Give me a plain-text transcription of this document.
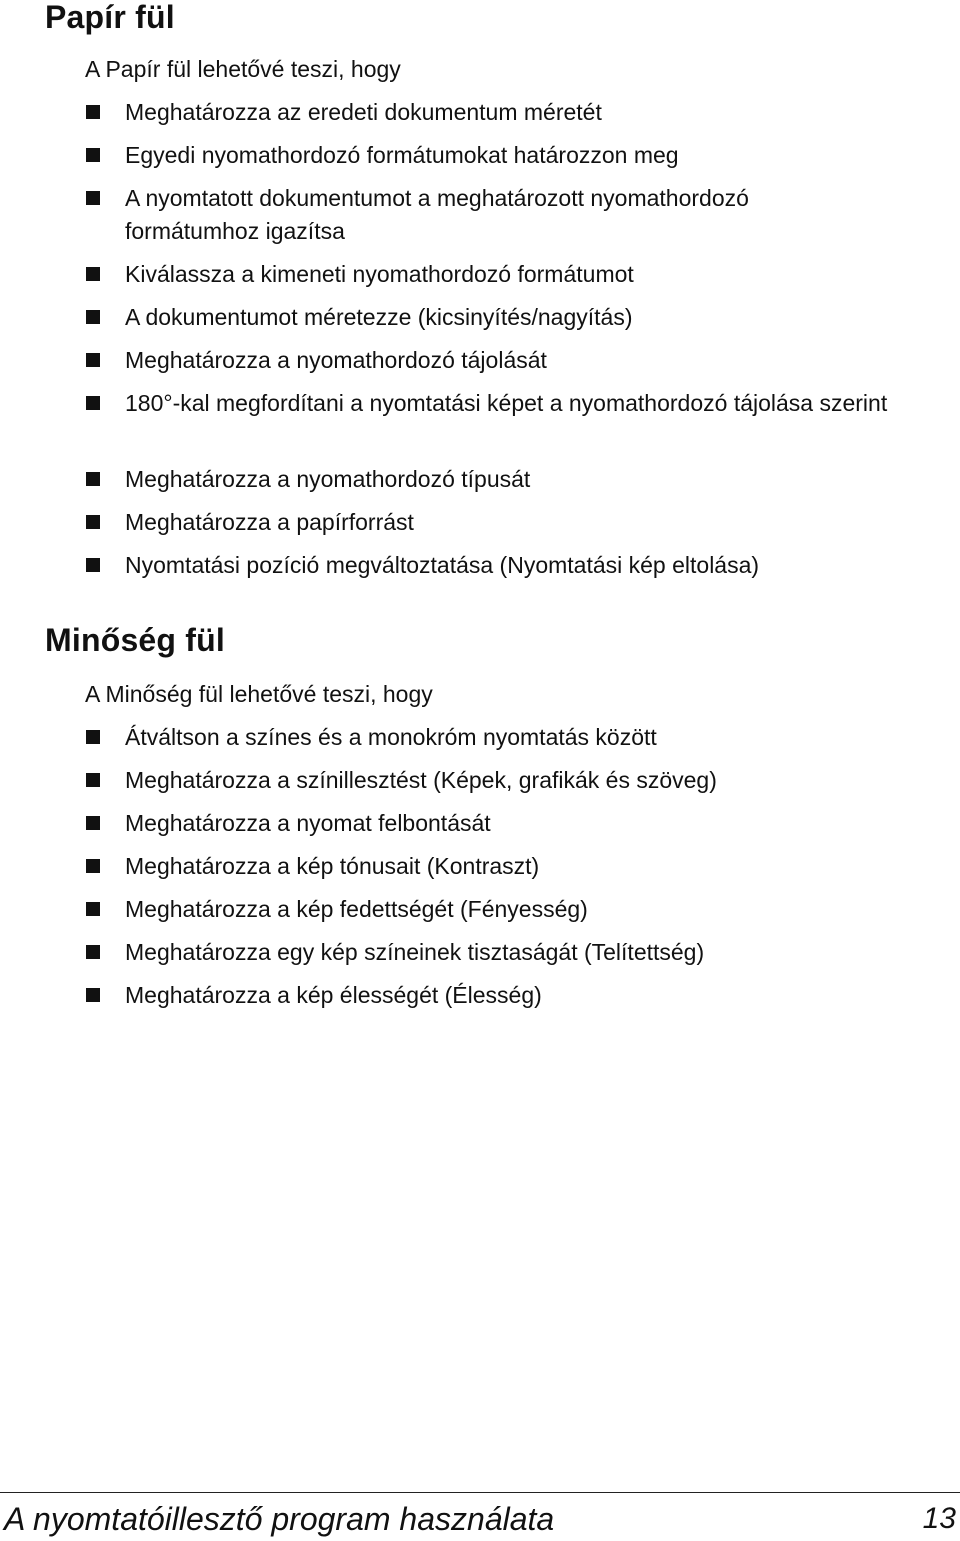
Papír fül

A Papír fül lehetővé teszi, hogy

Meghatározza az eredeti dokumentum méretét
Egyedi nyomathordozó formátumokat határozzon meg
A nyomtatott dokumentumot a meghatározott nyomathordozó formátumhoz igazítsa
Kiválassza a kimeneti nyomathordozó formátumot
A dokumentumot méretezze (kicsinyítés/nagyítás)
Meghatározza a nyomathordozó tájolását
180°-kal megfordítani a nyomtatási képet a nyomathordozó tájolása szerint
Meghatározza a nyomathordozó típusát
Meghatározza a papírforrást
Nyomtatási pozíció megváltoztatása (Nyomtatási kép eltolása)
Minőség fül

A Minőség fül lehetővé teszi, hogy

Átváltson a színes és a monokróm nyomtatás között
Meghatározza a színillesztést (Képek, grafikák és szöveg)
Meghatározza a nyomat felbontását
Meghatározza a kép tónusait (Kontraszt)
Meghatározza a kép fedettségét (Fényesség)
Meghatározza egy kép színeinek tisztaságát (Telítettség)
Meghatározza a kép élességét (Élesség)

A nyomtatóillesztő program használata	13
